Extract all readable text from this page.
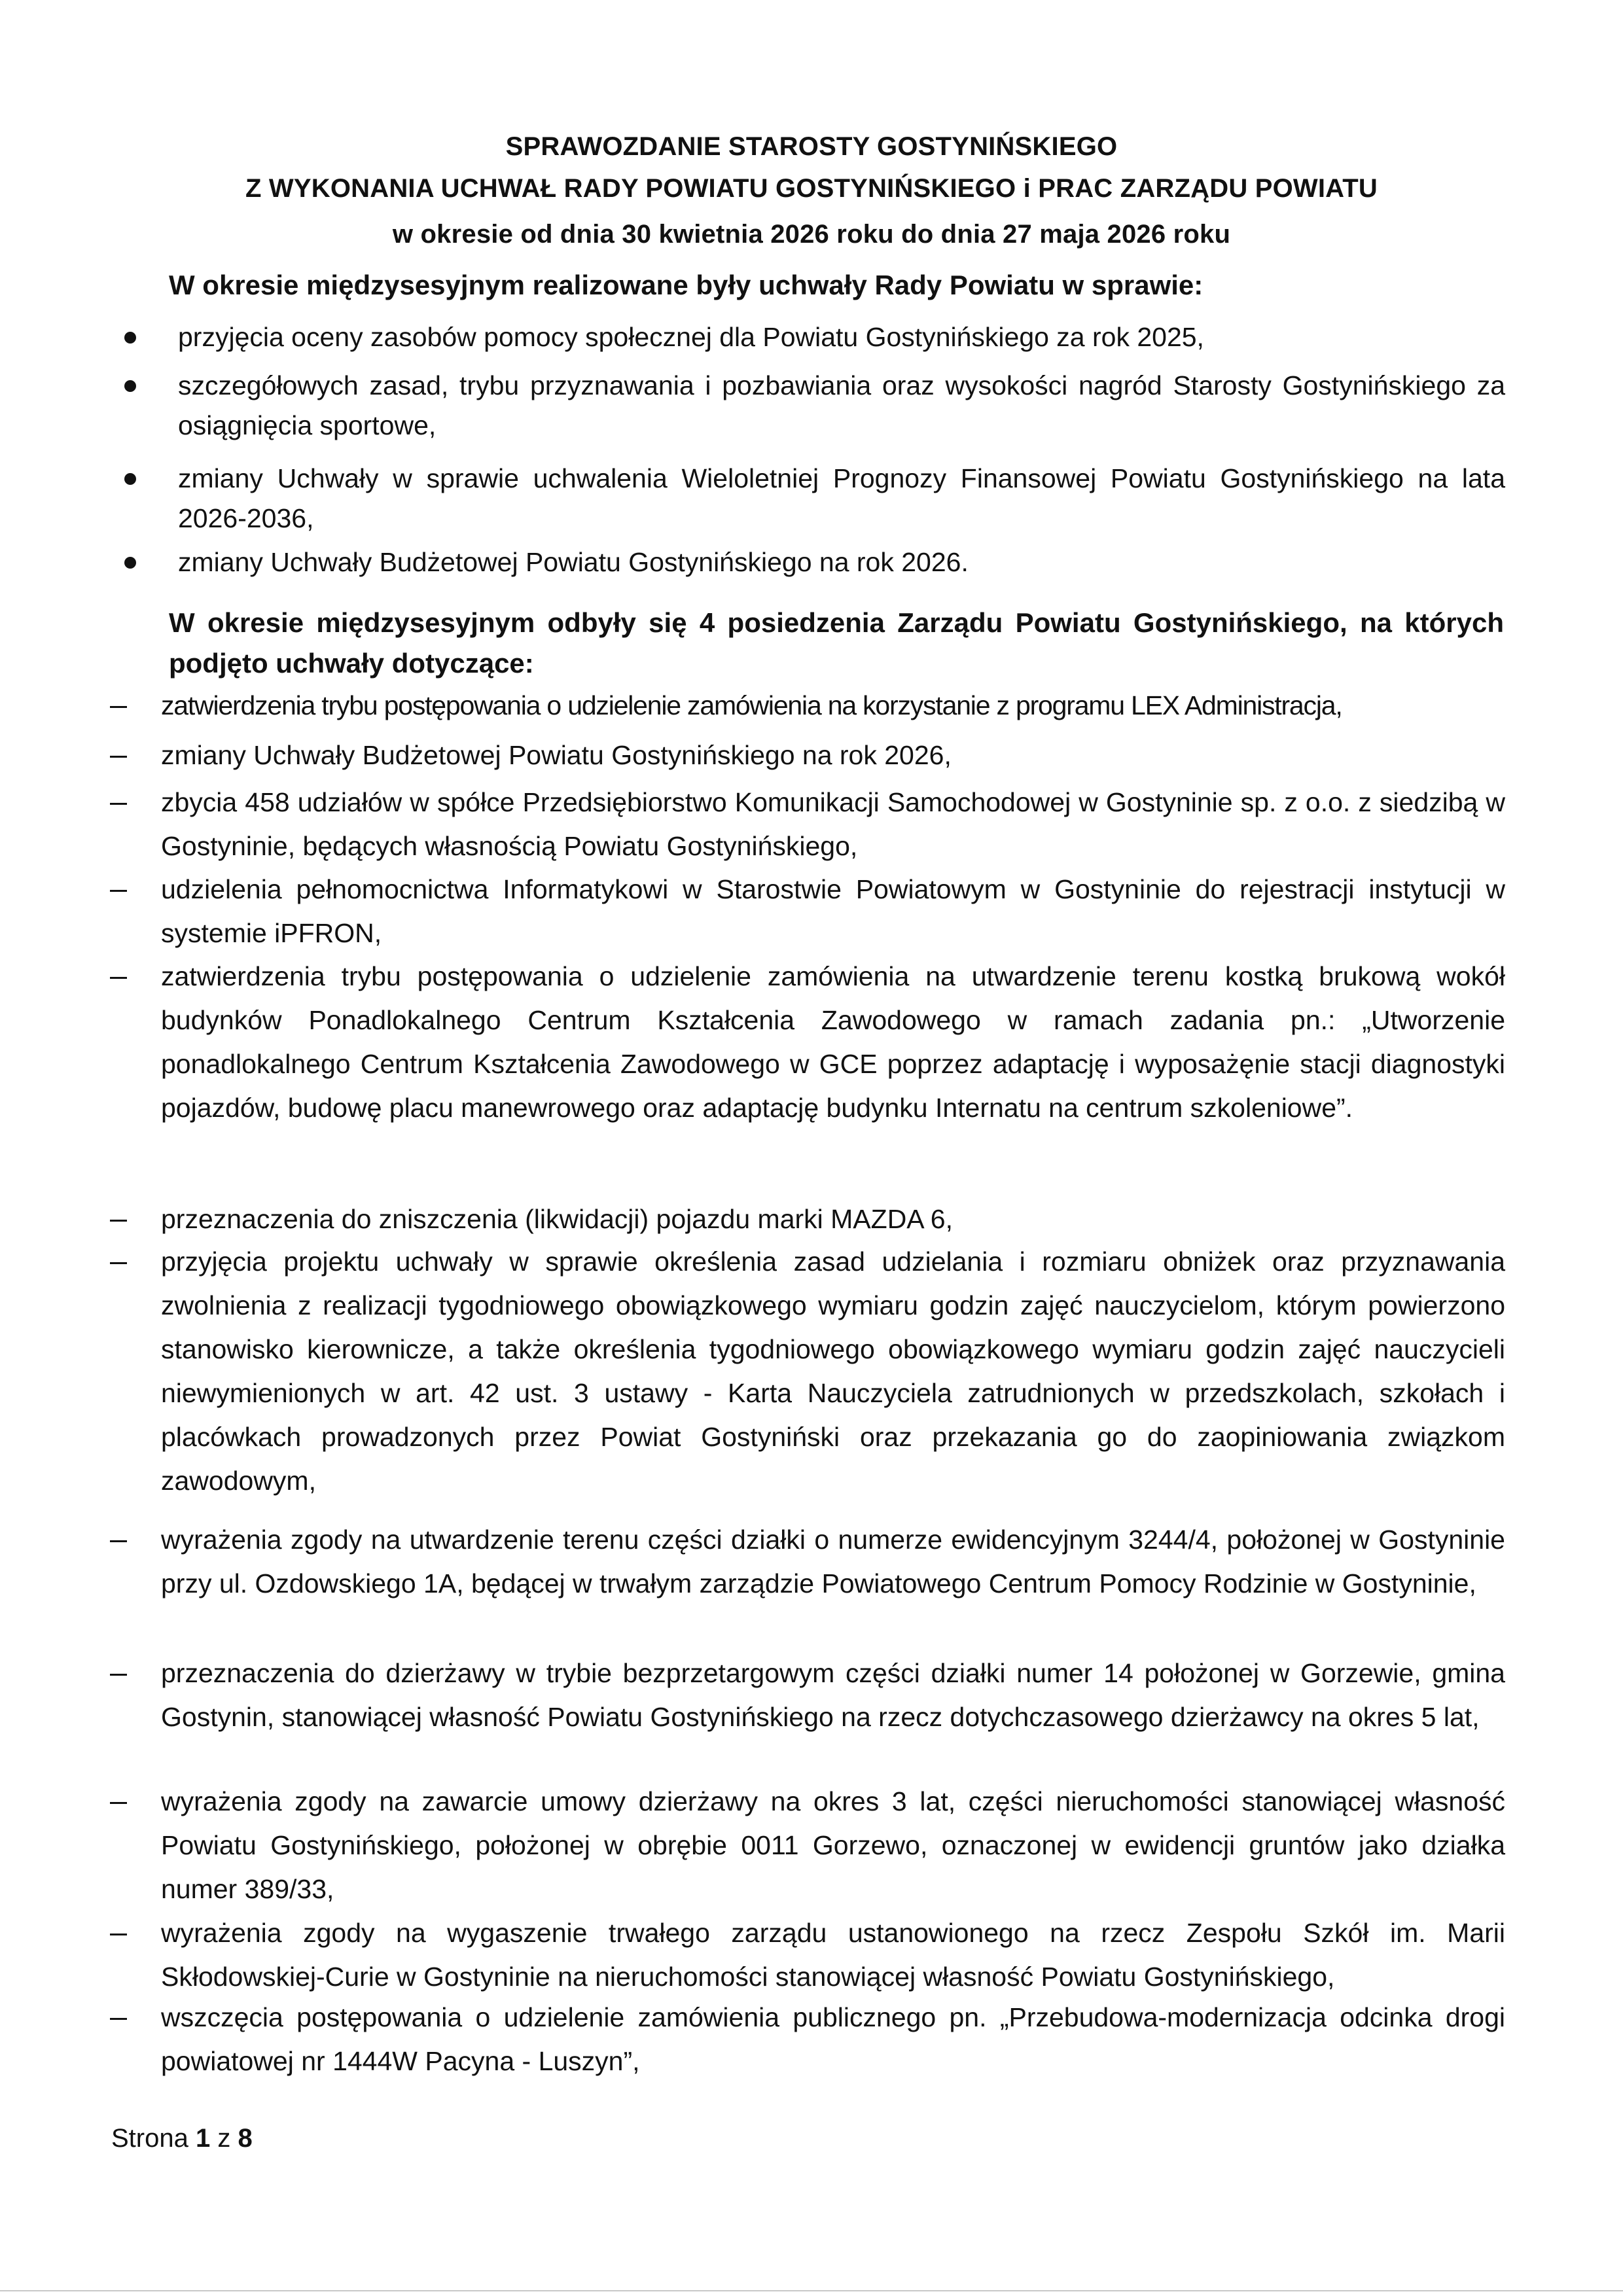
SPRAWOZDANIE STAROSTY GOSTYNIŃSKIEGO
Z WYKONANIA UCHWAŁ RADY POWIATU GOSTYNIŃSKIEGO i PRAC ZARZĄDU POWIATU
w okresie od dnia 30 kwietnia 2026 roku do dnia 27 maja 2026 roku
W okresie międzysesyjnym realizowane były uchwały Rady Powiatu w sprawie:
przyjęcia oceny zasobów pomocy społecznej dla Powiatu Gostynińskiego za rok 2025,
szczegółowych zasad, trybu przyznawania i pozbawiania oraz wysokości nagród Starosty Gostynińskiego za osiągnięcia sportowe,
zmiany Uchwały w sprawie uchwalenia Wieloletniej Prognozy Finansowej Powiatu Gostynińskiego na lata 2026-2036,
zmiany Uchwały Budżetowej Powiatu Gostynińskiego na rok 2026.
W okresie międzysesyjnym odbyły się 4 posiedzenia Zarządu Powiatu Gostynińskiego, na których podjęto uchwały dotyczące:
zatwierdzenia trybu postępowania o udzielenie zamówienia na korzystanie z programu LEX Administracja,
zmiany Uchwały Budżetowej Powiatu Gostynińskiego na rok 2026,
zbycia 458 udziałów w spółce Przedsiębiorstwo Komunikacji Samochodowej w Gostyninie sp. z o.o. z siedzibą w Gostyninie, będących własnością Powiatu Gostynińskiego,
udzielenia pełnomocnictwa Informatykowi w Starostwie Powiatowym w Gostyninie do rejestracji instytucji w systemie iPFRON,
zatwierdzenia trybu postępowania o udzielenie zamówienia na utwardzenie terenu kostką brukową wokół budynków Ponadlokalnego Centrum Kształcenia Zawodowego w ramach zadania pn.: „Utworzenie ponadlokalnego Centrum Kształcenia Zawodowego w GCE poprzez adaptację i wyposażęnie stacji diagnostyki pojazdów, budowę placu manewrowego oraz adaptację budynku Internatu na centrum szkoleniowe”.
przeznaczenia do zniszczenia (likwidacji) pojazdu marki MAZDA 6,
przyjęcia projektu uchwały w sprawie określenia zasad udzielania i rozmiaru obniżek oraz przyznawania zwolnienia z realizacji tygodniowego obowiązkowego wymiaru godzin zajęć nauczycielom, którym powierzono stanowisko kierownicze, a także określenia tygodniowego obowiązkowego wymiaru godzin zajęć nauczycieli niewymienionych w art. 42 ust. 3 ustawy - Karta Nauczyciela zatrudnionych w przedszkolach, szkołach i placówkach prowadzonych przez Powiat Gostyniński oraz przekazania go do zaopiniowania związkom zawodowym,
wyrażenia zgody na utwardzenie terenu części działki o numerze ewidencyjnym 3244/4, położonej w Gostyninie przy ul. Ozdowskiego 1A, będącej w trwałym zarządzie Powiatowego Centrum Pomocy Rodzinie w Gostyninie,
przeznaczenia do dzierżawy w trybie bezprzetargowym części działki numer 14 położonej w Gorzewie, gmina Gostynin, stanowiącej własność Powiatu Gostynińskiego na rzecz dotychczasowego dzierżawcy na okres 5 lat,
wyrażenia zgody na zawarcie umowy dzierżawy na okres 3 lat, części nieruchomości stanowiącej własność Powiatu Gostynińskiego, położonej w obrębie 0011 Gorzewo, oznaczonej w ewidencji gruntów jako działka numer 389/33,
wyrażenia zgody na wygaszenie trwałego zarządu ustanowionego na rzecz Zespołu Szkół im. Marii Skłodowskiej-Curie w Gostyninie na nieruchomości stanowiącej własność Powiatu Gostynińskiego,
wszczęcia postępowania o udzielenie zamówienia publicznego pn. „Przebudowa-modernizacja odcinka drogi powiatowej nr 1444W Pacyna - Luszyn”,
Strona 1 z 8
